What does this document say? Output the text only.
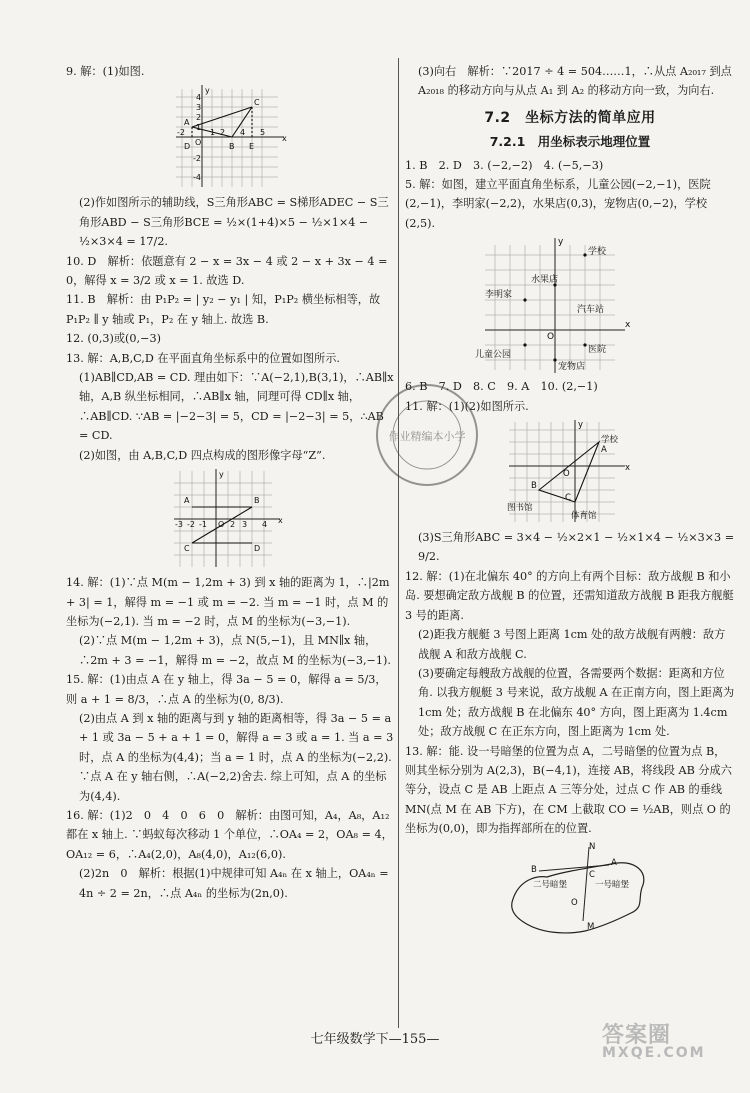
9. 解：(1)如图.

y
C
A
B E
D O	x
-2	1 2 4 5
4
3
2
1
-2
-4

(2)作如图所示的辅助线，S三角形ABC = S梯形ADEC − S三角形ABD − S三角形BCE = ½×(1+4)×5 − ½×1×4 − ½×3×4 = 17/2.

10. D　解析：依题意有 2 − x = 3x − 4 或 2 − x + 3x − 4 = 0，解得 x = 3/2 或 x = 1. 故选 D.

11. B　解析：由 P₁P₂ = | y₂ − y₁ | 知，P₁P₂ 横坐标相等，故 P₁P₂ ∥ y 轴或 P₁，P₂ 在 y 轴上. 故选 B.

12. (0,3)或(0,−3)

13. 解：A,B,C,D 在平面直角坐标系中的位置如图所示.

(1)AB∥CD,AB = CD. 理由如下：∵A(−2,1),B(3,1)，∴AB∥x 轴，A,B 纵坐标相同，∴AB∥x 轴，同理可得 CD∥x 轴，∴AB∥CD. ∵AB = |−2−3| = 5，CD = |−2−3| = 5，∴AB = CD.

(2)如图，由 A,B,C,D 四点构成的图形像字母“Z”.

y
A	B
O
C	D
x
-3 -2 -1	2 3 4

14. 解：(1)∵点 M(m − 1,2m + 3) 到 x 轴的距离为 1，∴|2m + 3| = 1，解得 m = −1 或 m = −2. 当 m = −1 时，点 M 的坐标为(−2,1). 当 m = −2 时，点 M 的坐标为(−3,−1).

(2)∵点 M(m − 1,2m + 3)，点 N(5,−1)，且 MN∥x 轴，∴2m + 3 = −1，解得 m = −2，故点 M 的坐标为(−3,−1).

15. 解：(1)由点 A 在 y 轴上，得 3a − 5 = 0，解得 a = 5/3，则 a + 1 = 8/3，∴点 A 的坐标为(0, 8/3).

(2)由点 A 到 x 轴的距离与到 y 轴的距离相等，得 3a − 5 = a + 1 或 3a − 5 + a + 1 = 0，解得 a = 3 或 a = 1. 当 a = 3 时，点 A 的坐标为(4,4)；当 a = 1 时，点 A 的坐标为(−2,2).

∵点 A 在 y 轴右侧，∴A(−2,2)舍去. 综上可知，点 A 的坐标为(4,4).

16. 解：(1)2　0　4　0　6　0　解析：由图可知，A₄，A₈，A₁₂ 都在 x 轴上. ∵蚂蚁每次移动 1 个单位，∴OA₄ = 2，OA₈ = 4，OA₁₂ = 6，∴A₄(2,0)，A₈(4,0)，A₁₂(6,0).

(2)2n　0　解析：根据(1)中规律可知 A₄ₙ 在 x 轴上，OA₄ₙ = 4n ÷ 2 = 2n，∴点 A₄ₙ 的坐标为(2n,0).

(3)向右　解析：∵2017 ÷ 4 = 504……1，∴从点 A₂₀₁₇ 到点 A₂₀₁₈ 的移动方向与从点 A₁ 到 A₂ 的移动方向一致，为向右.

7.2　坐标方法的简单应用
7.2.1　用坐标表示地理位置

1. B　2. D　3. (−2,−2)　4. (−5,−3)

5. 解：如图，建立平面直角坐标系，儿童公园(−2,−1)，医院(2,−1)，李明家(−2,2)，水果店(0,3)，宠物店(0,−2)，学校(2,5).

y
学校
水果店
李明家
汽车站
儿童公园
O
医院
宠物店
x

6. B　7. D　8. C　9. A　10. (2,−1)

11. 解：(1)(2)如图所示.

y
学校
A
B
C
图书馆
体育馆
O
x

(3)S三角形ABC = 3×4 − ½×2×1 − ½×1×4 − ½×3×3 = 9/2.

12. 解：(1)在北偏东 40° 的方向上有两个目标：敌方战舰 B 和小岛. 要想确定敌方战舰 B 的位置，还需知道敌方战舰 B 距我方舰艇 3 号的距离.

(2)距我方舰艇 3 号图上距离 1cm 处的敌方战舰有两艘：敌方战舰 A 和敌方战舰 C.

(3)要确定每艘敌方战舰的位置，各需要两个数据：距离和方位角. 以我方舰艇 3 号来说，敌方战舰 A 在正南方向，图上距离为 1cm 处；敌方战舰 B 在北偏东 40° 方向，图上距离为 1.4cm 处；敌方战舰 C 在正东方向，图上距离为 1cm 处.

13. 解：能. 设一号暗堡的位置为点 A，二号暗堡的位置为点 B，则其坐标分别为 A(2,3)，B(−4,1)，连接 AB，将线段 AB 分成六等分，设点 C 是 AB 上距点 A 三等分处，过点 C 作 AB 的垂线 MN(点 M 在 AB 下方)，在 CM 上截取 CO = ½AB，则点 O 的坐标为(0,0)，即为指挥部所在的位置.

N
B	C
A
二号暗堡	一号暗堡
O
M
作业精编本小学
七年级数学下—155—	答案圈
MXQE.COM
